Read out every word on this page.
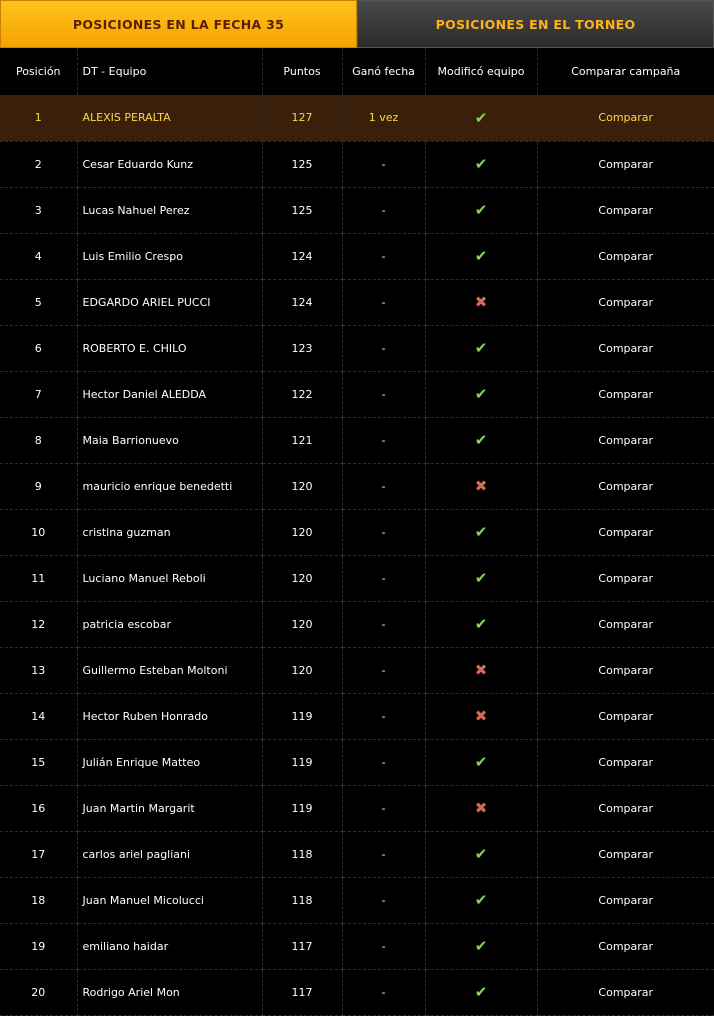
POSICIONES EN LA FECHA 35	POSICIONES EN EL TORNEO
Posición	DT - Equipo	Puntos	Ganó fecha	Modificó equipo	Comparar campaña
1	ALEXIS PERALTA	127	1 vez	✔	Comparar
2	Cesar Eduardo Kunz	125	-	✔	Comparar
3	Lucas Nahuel Perez	125	-	✔	Comparar
4	Luis Emilio Crespo	124	-	✔	Comparar
5	EDGARDO ARIEL PUCCI	124	-	✖	Comparar
6	ROBERTO E. CHILO	123	-	✔	Comparar
7	Hector Daniel ALEDDA	122	-	✔	Comparar
8	Maia Barrionuevo	121	-	✔	Comparar
9	mauricio enrique benedetti	120	-	✖	Comparar
10	cristina guzman	120	-	✔	Comparar
11	Luciano Manuel Reboli	120	-	✔	Comparar
12	patricia escobar	120	-	✔	Comparar
13	Guillermo Esteban Moltoni	120	-	✖	Comparar
14	Hector Ruben Honrado	119	-	✖	Comparar
15	Julián Enrique Matteo	119	-	✔	Comparar
16	Juan Martin Margarit	119	-	✖	Comparar
17	carlos ariel pagliani	118	-	✔	Comparar
18	Juan Manuel Micolucci	118	-	✔	Comparar
19	emiliano haidar	117	-	✔	Comparar
20	Rodrigo Ariel Mon	117	-	✔	Comparar
